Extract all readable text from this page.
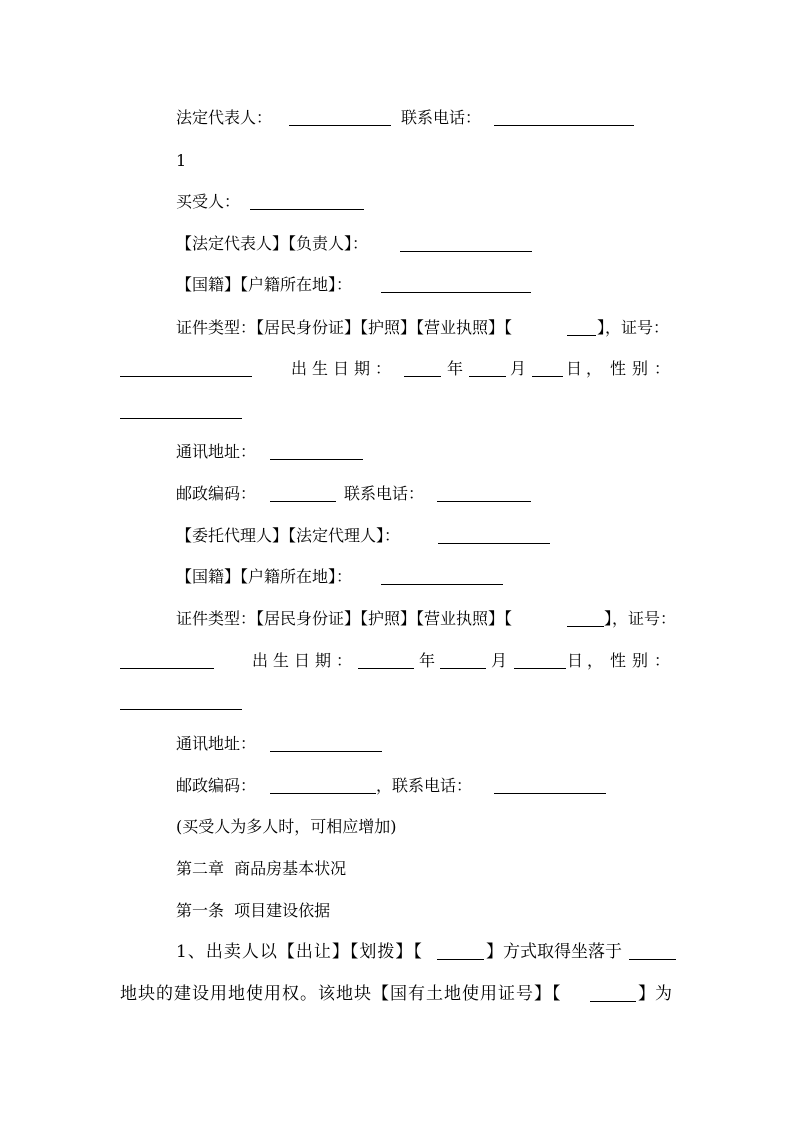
法定代表人：	联系电话：
1
买受人：
【法定代表人】【负责人】：
【国籍】【户籍所在地】：
证件类型：【居民身份证】【护照】【营业执照】【	】，证号：
出生日期：	年	月 日， 性别：
通讯地址：
邮政编码：	联系电话：
【委托代理人】【法定代理人】：
【国籍】【户籍所在地】：
证件类型：【居民身份证】【护照】【营业执照】【	】，证号：
出生日期：	年	月	日， 性别：
通讯地址：
邮政编码：	，联系电话：
(买受人为多人时，可相应增加)
第二章  商品房基本状况
第一条  项目建设依据
1、出卖人以【出让】【划拨】【	】方式取得坐落于
地块的建设用地使用权。该地块【国有土地使用证号】【	】为
